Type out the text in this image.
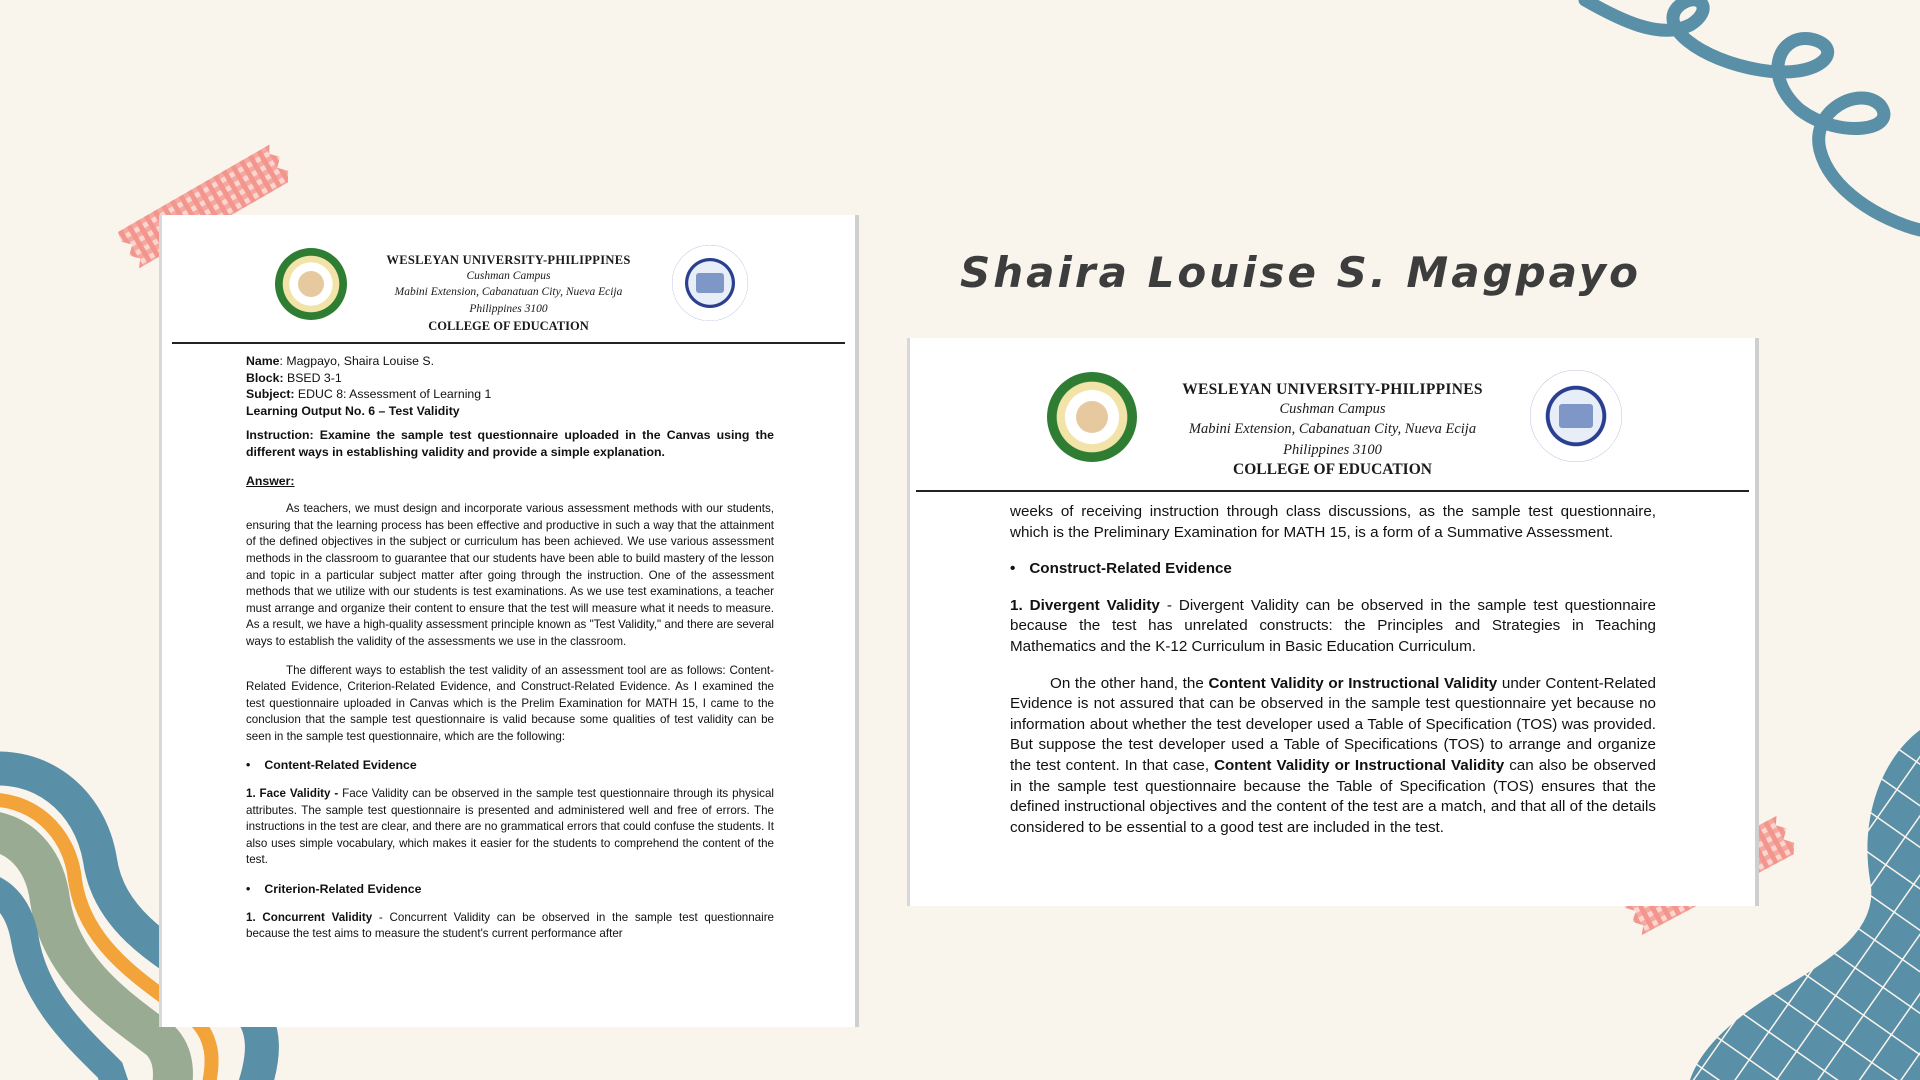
WESLEYAN UNIVERSITY-PHILIPPINES
Cushman Campus
Mabini Extension, Cabanatuan City, Nueva Ecija
Philippines 3100
COLLEGE OF EDUCATION
Name: Magpayo, Shaira Louise S.
Block: BSED 3-1
Subject: EDUC 8: Assessment of Learning 1
Learning Output No. 6 – Test Validity

Instruction: Examine the sample test questionnaire uploaded in the Canvas using the different ways in establishing validity and provide a simple explanation.

Answer:

As teachers, we must design and incorporate various assessment methods with our students, ensuring that the learning process has been effective and productive in such a way that the attainment of the defined objectives in the subject or curriculum has been achieved. We use various assessment methods in the classroom to guarantee that our students have been able to build mastery of the lesson and topic in a particular subject matter after going through the instruction. One of the assessment methods that we utilize with our students is test examinations. As we use test examinations, a teacher must arrange and organize their content to ensure that the test will measure what it needs to measure. As a result, we have a high-quality assessment principle known as "Test Validity," and there are several ways to establish the validity of the assessments we use in the classroom.

The different ways to establish the test validity of an assessment tool are as follows: Content-Related Evidence, Criterion-Related Evidence, and Construct-Related Evidence. As I examined the test questionnaire uploaded in Canvas which is the Prelim Examination for MATH 15, I came to the conclusion that the sample test questionnaire is valid because some qualities of test validity can be seen in the sample test questionnaire, which are the following:

• Content-Related Evidence

1. Face Validity - Face Validity can be observed in the sample test questionnaire through its physical attributes. The sample test questionnaire is presented and administered well and free of errors. The instructions in the test are clear, and there are no grammatical errors that could confuse the students. It also uses simple vocabulary, which makes it easier for the students to comprehend the content of the test.

• Criterion-Related Evidence

1. Concurrent Validity - Concurrent Validity can be observed in the sample test questionnaire because the test aims to measure the student's current performance after

Shaira Louise S. Magpayo
WESLEYAN UNIVERSITY-PHILIPPINES
Cushman Campus
Mabini Extension, Cabanatuan City, Nueva Ecija
Philippines 3100
COLLEGE OF EDUCATION

weeks of receiving instruction through class discussions, as the sample test questionnaire, which is the Preliminary Examination for MATH 15, is a form of a Summative Assessment.

• Construct-Related Evidence

1. Divergent Validity - Divergent Validity can be observed in the sample test questionnaire because the test has unrelated constructs: the Principles and Strategies in Teaching Mathematics and the K-12 Curriculum in Basic Education Curriculum.

On the other hand, the Content Validity or Instructional Validity under Content-Related Evidence is not assured that can be observed in the sample test questionnaire yet because no information about whether the test developer used a Table of Specification (TOS) was provided. But suppose the test developer used a Table of Specifications (TOS) to arrange and organize the test content. In that case, Content Validity or Instructional Validity can also be observed in the sample test questionnaire because the Table of Specification (TOS) ensures that the defined instructional objectives and the content of the test are a match, and that all of the details considered to be essential to a good test are included in the test.
